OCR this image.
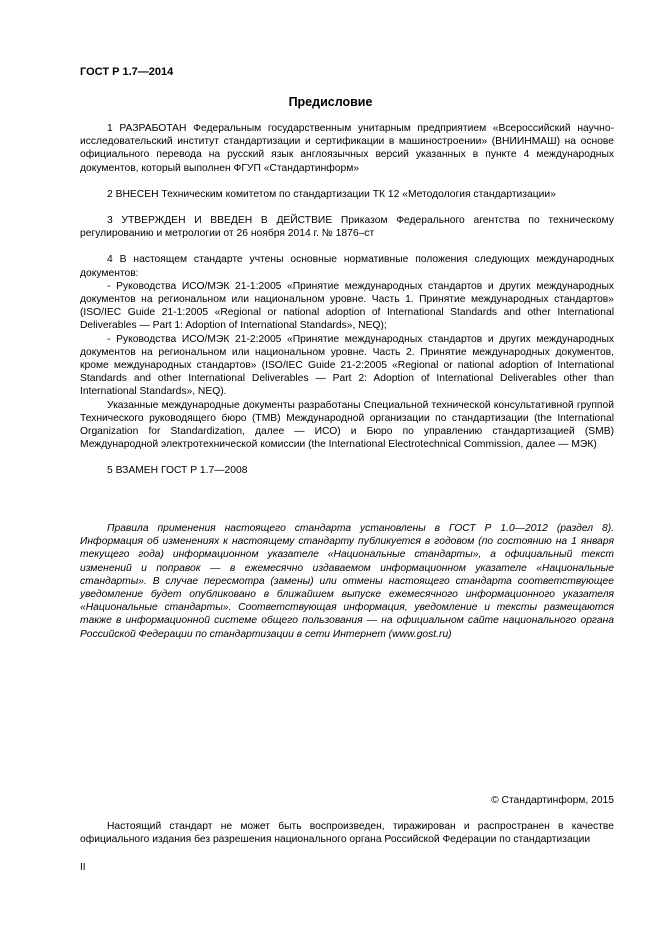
ГОСТ Р 1.7—2014
Предисловие

1 РАЗРАБОТАН Федеральным государственным унитарным предприятием «Всероссийский научно-исследовательский институт стандартизации и сертификации в машиностроении» (ВНИИНМАШ) на основе официального перевода на русский язык англоязычных версий указанных в пункте 4 международных документов, который выполнен ФГУП «Стандартинформ»

2 ВНЕСЕН Техническим комитетом по стандартизации ТК 12 «Методология стандартизации»

3 УТВЕРЖДЕН И ВВЕДЕН В ДЕЙСТВИЕ Приказом Федерального агентства по техническому регулированию и метрологии от 26 ноября 2014 г. № 1876–ст

4 В настоящем стандарте учтены основные нормативные положения следующих международных документов:

- Руководства ИСО/МЭК 21-1:2005 «Принятие международных стандартов и других международных документов на региональном или национальном уровне. Часть 1. Принятие международных стандартов» (ISO/IEC Guide 21-1:2005 «Regional or national adoption of International Standards and other International Deliverables — Part 1: Adoption of International Standards», NEQ);

- Руководства ИСО/МЭК 21-2:2005 «Принятие международных стандартов и других международных документов на региональном или национальном уровне. Часть 2. Принятие международных документов, кроме международных стандартов» (ISO/IEC Guide 21-2:2005 «Regional or national adoption of International Standards and other International Deliverables — Part 2: Adoption of International Deliverables other than International Standards», NEQ).

Указанные международные документы разработаны Специальной технической консультативной группой Технического руководящего бюро (ТМВ) Международной организации по стандартизации (the International Organization for Standardization, далее — ИСО) и Бюро по управлению стандартизацией (SMB) Международной электротехнической комиссии (the International Electrotechnical Commission, далее — МЭК)

5 ВЗАМЕН ГОСТ Р 1.7—2008

Правила применения настоящего стандарта установлены в ГОСТ Р 1.0—2012 (раздел 8). Информация об изменениях к настоящему стандарту публикуется в годовом (по состоянию на 1 января текущего года) информационном указателе «Национальные стандарты», а официальный текст изменений и поправок — в ежемесячно издаваемом информационном указателе «Национальные стандарты». В случае пересмотра (замены) или отмены настоящего стандарта соответствующее уведомление будет опубликовано в ближайшем выпуске ежемесячного информационного указателя «Национальные стандарты». Соответствующая информация, уведомление и тексты размещаются также в информационной системе общего пользования — на официальном сайте национального органа Российской Федерации по стандартизации в сети Интернет (www.gost.ru)

© Стандартинформ, 2015

Настоящий стандарт не может быть воспроизведен, тиражирован и распространен в качестве официального издания без разрешения национального органа Российской Федерации по стандартизации

II
